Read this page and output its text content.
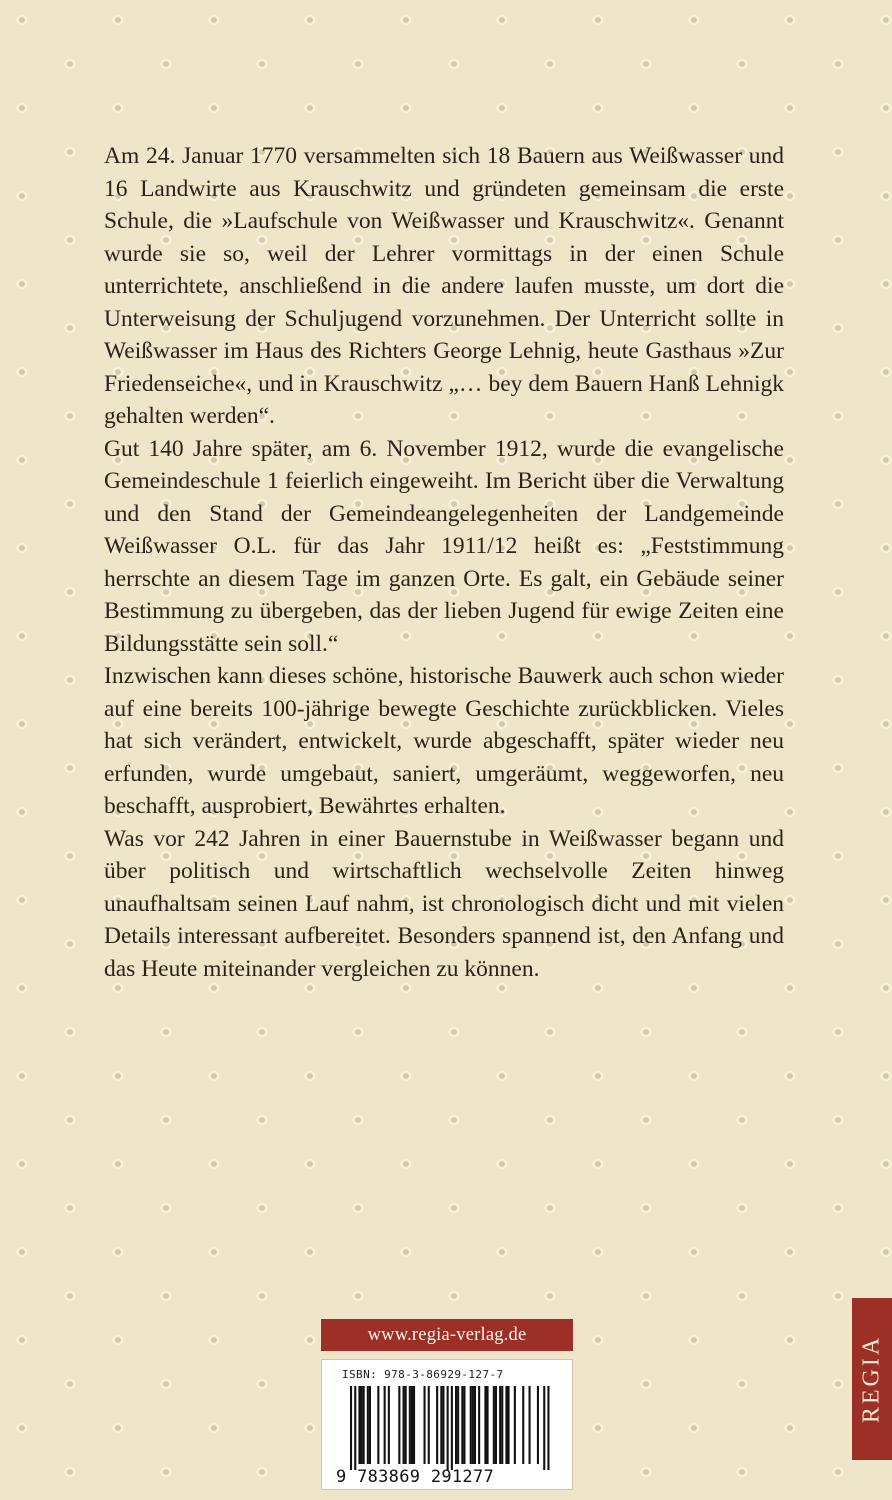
Am 24. Januar 1770 versammelten sich 18 Bauern aus Weißwasser und 16 Landwirte aus Krauschwitz und gründeten gemeinsam die erste Schule, die »Laufschule von Weißwasser und Krauschwitz«. Genannt wurde sie so, weil der Lehrer vormittags in der einen Schule unterrichtete, anschließend in die andere laufen musste, um dort die Unterweisung der Schuljugend vorzunehmen. Der Unterricht sollte in Weißwasser im Haus des Richters George Lehnig, heute Gasthaus »Zur Friedenseiche«, und in Krauschwitz „… bey dem Bauern Hanß Lehnigk gehalten werden“.

Gut 140 Jahre später, am 6. November 1912, wurde die evangelische Gemeindeschule 1 feierlich eingeweiht. Im Bericht über die Verwaltung und den Stand der Gemeindeangelegenheiten der Landgemeinde Weißwasser O.L. für das Jahr 1911/12 heißt es: „Feststimmung herrschte an diesem Tage im ganzen Orte. Es galt, ein Gebäude seiner Bestimmung zu übergeben, das der lieben Jugend für ewige Zeiten eine Bildungsstätte sein soll.“

Inzwischen kann dieses schöne, historische Bauwerk auch schon wieder auf eine bereits 100-jährige bewegte Geschichte zurückblicken. Vieles hat sich verändert, entwickelt, wurde abgeschafft, später wieder neu erfunden, wurde umgebaut, saniert, umgeräumt, weggeworfen, neu beschafft, ausprobiert, Bewährtes erhalten.

Was vor 242 Jahren in einer Bauernstube in Weißwasser begann und über politisch und wirtschaftlich wechselvolle Zeiten hinweg unaufhaltsam seinen Lauf nahm, ist chronologisch dicht und mit vielen Details interessant aufbereitet. Besonders spannend ist, den Anfang und das Heute miteinander vergleichen zu können.

www.regia-verlag.de
ISBN: 978-3-86929-127-7
9 783869 291277
REGIA
